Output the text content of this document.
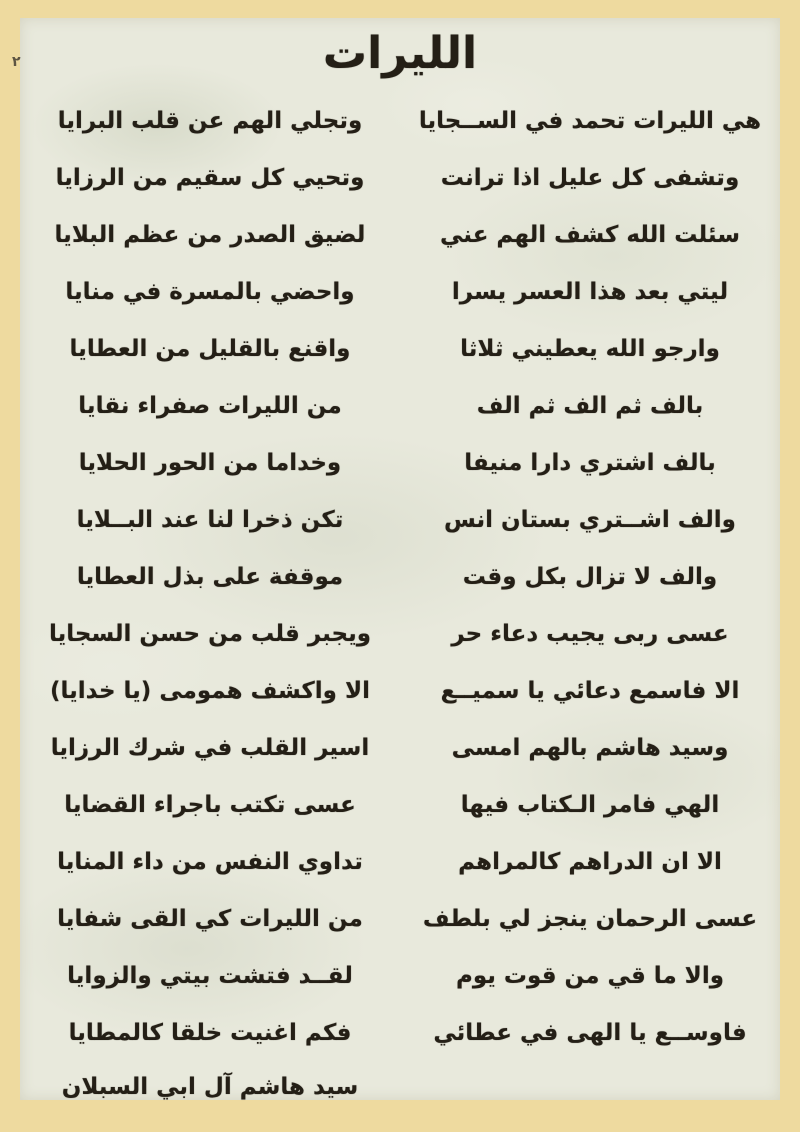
٢	الليرات
هي الليرات تحمد في الســجايا
وتجلي الهم عن قلب البرايا
وتشفى كل عليل اذا ترانت
وتحيي كل سقيم من الرزايا
سئلت الله كشف الهم عني
لضيق الصدر من عظم البلايا
ليتي بعد هذا العسر يسرا
واحضي بالمسرة في منايا
وارجو الله يعطيني ثلاثا
واقنع بالقليل من العطايا
بالف ثم الف ثم الف
من الليرات صفراء نقايا
بالف اشتري دارا منيفا
وخداما من الحور الحلايا
والف اشــتري بستان انس
تكن ذخرا لنا عند البــلايا
والف لا تزال بكل وقت
موقفة على بذل العطايا
عسى ربى يجيب دعاء حر
ويجبر قلب من حسن السجايا
الا فاسمع دعائي يا سميــع
الا واكشف همومى (يا خدايا)
وسيد هاشم بالهم امسى
اسير القلب في شرك الرزايا
الهي فامر الـكتاب فيها
عسى تكتب باجراء القضايا
الا ان الدراهم كالمراهم
تداوي النفس من داء المنايا
عسى الرحمان ينجز لي بلطف
من الليرات كي القى شفايا
والا ما قي من قوت يوم
لقــد فتشت بيتي والزوايا
فاوســع يا الهى في عطائي
فكم اغنيت خلقا كالمطايا
سيد هاشم آل ابي السبلان
